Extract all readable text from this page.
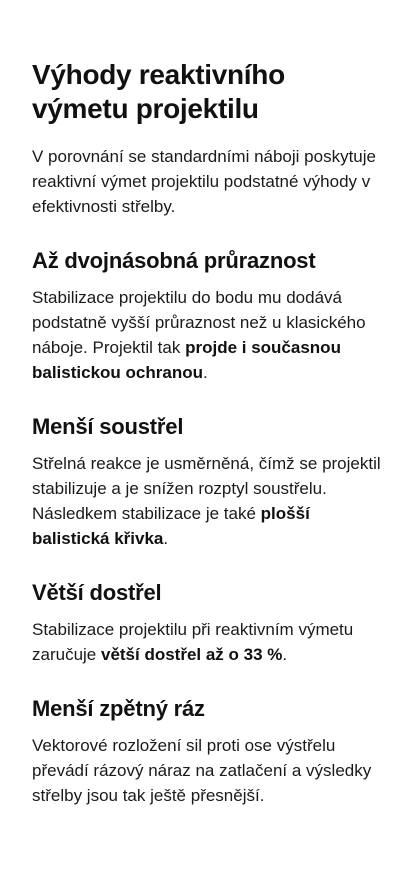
Výhody reaktivního výmetu projektilu

V porovnání se standardními náboji poskytuje reaktivní výmet projektilu podstatné výhody v efektivnosti střelby.

Až dvojnásobná průraznost

Stabilizace projektilu do bodu mu dodává podstatně vyšší průraznost než u klasického náboje. Projektil tak projde i současnou balistickou ochranou.

Menší soustřel

Střelná reakce je usměrněná, čímž se projektil stabilizuje a je snížen rozptyl soustřelu. Následkem stabilizace je také plošší balistická křivka.

Větší dostřel

Stabilizace projektilu při reaktivním výmetu zaručuje větší dostřel až o 33 %.

Menší zpětný ráz

Vektorové rozložení sil proti ose výstřelu převádí rázový náraz na zatlačení a výsledky střelby jsou tak ještě přesnější.
